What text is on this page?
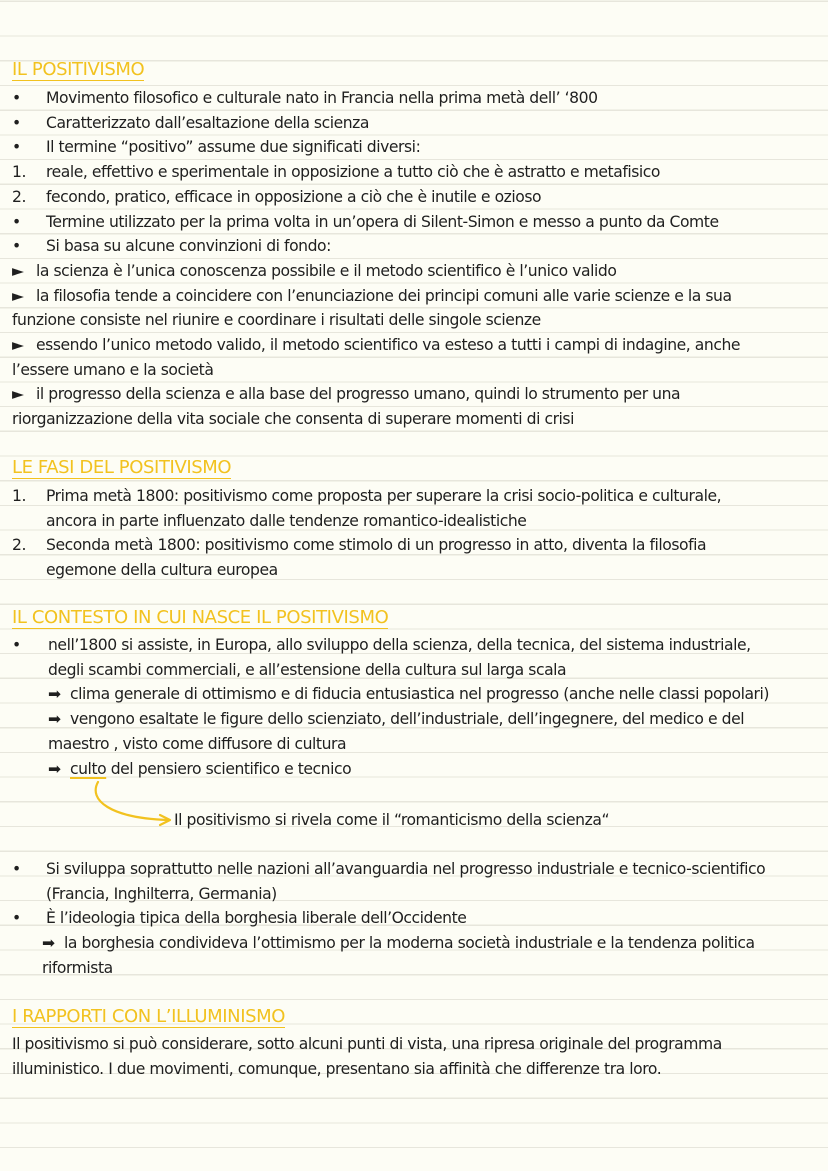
IL POSITIVISMO
•	Movimento filosofico e culturale nato in Francia nella prima metà dell’ ‘800
•	Caratterizzato dall’esaltazione della scienza
•	Il termine “positivo” assume due significati diversi:
1.	reale, effettivo e sperimentale in opposizione a tutto ciò che è astratto e metafisico
2.	fecondo, pratico, efficace in opposizione a ciò che è inutile e ozioso
•	Termine utilizzato per la prima volta in un’opera di Silent-Simon e messo a punto da Comte
•	Si basa su alcune convinzioni di fondo:
► la scienza è l’unica conoscenza possibile e il metodo scientifico è l’unico valido
► la filosofia tende a coincidere con l’enunciazione dei principi comuni alle varie scienze e la sua
funzione consiste nel riunire e coordinare i risultati delle singole scienze
► essendo l’unico metodo valido, il metodo scientifico va esteso a tutti i campi di indagine, anche
l’essere umano e la società
► il progresso della scienza e alla base del progresso umano, quindi lo strumento per una
riorganizzazione della vita sociale che consenta di superare momenti di crisi
LE FASI DEL POSITIVISMO
1.	Prima metà 1800: positivismo come proposta per superare la crisi socio-politica e culturale,
ancora in parte influenzato dalle tendenze romantico-idealistiche
2.	Seconda metà 1800: positivismo come stimolo di un progresso in atto, diventa la filosofia
egemone della cultura europea
IL CONTESTO IN CUI NASCE IL POSITIVISMO
•	nell’1800 si assiste, in Europa, allo sviluppo della scienza, della tecnica, del sistema industriale,
degli scambi commerciali, e all’estensione della cultura sul larga scala
➡ clima generale di ottimismo e di fiducia entusiastica nel progresso (anche nelle classi popolari)
➡ vengono esaltate le figure dello scienziato, dell’industriale, dell’ingegnere, del medico e del
maestro , visto come diffusore di cultura
➡ culto del pensiero scientifico e tecnico
Il positivismo si rivela come il “romanticismo della scienza“
•	Si sviluppa soprattutto nelle nazioni all’avanguardia nel progresso industriale e tecnico-scientifico
(Francia, Inghilterra, Germania)
•	È l’ideologia tipica della borghesia liberale dell’Occidente
➡ la borghesia condivideva l’ottimismo per la moderna società industriale e la tendenza politica
riformista
I RAPPORTI CON L’ILLUMINISMO
Il positivismo si può considerare, sotto alcuni punti di vista, una ripresa originale del programma
illuministico. I due movimenti, comunque, presentano sia affinità che differenze tra loro.
